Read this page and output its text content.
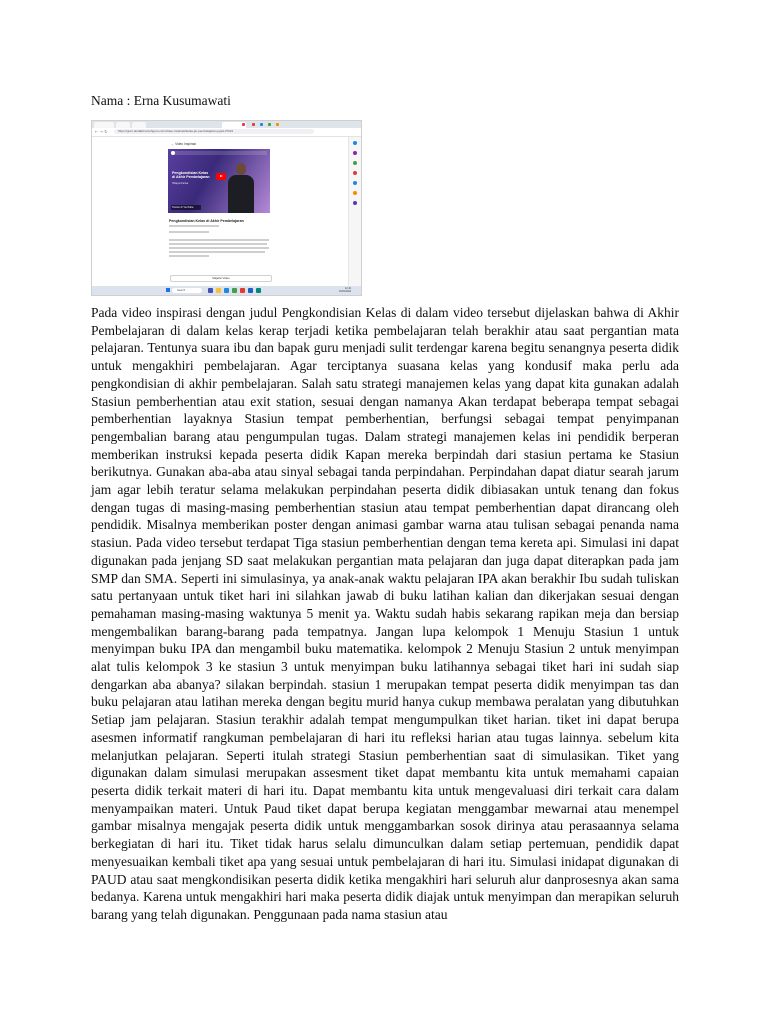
Nama : Erna Kusumawati
← → ↻	https://guru.tantalk/contohguru.com/video-inspirasi/kelas-jar-pembelajaran-pgsd-47021
← Video Inspirasi
Pengkondisian Kelas di Akhir Pembelajaran
Hidayat Farisa
Tonton di YouTube
Pengkondisian Kelas di Akhir Pembelajaran
Majelisi Video
Search
12.10
01/01/2024

Pada video inspirasi dengan judul Pengkondisian Kelas di dalam video tersebut dijelaskan bahwa di Akhir Pembelajaran di dalam kelas kerap terjadi ketika pembelajaran telah berakhir atau saat pergantian mata pelajaran. Tentunya suara ibu dan bapak guru menjadi sulit terdengar karena begitu senangnya peserta didik untuk mengakhiri pembelajaran. Agar terciptanya suasana kelas yang kondusif maka perlu ada pengkondisian di akhir pembelajaran. Salah satu strategi manajemen kelas yang dapat kita gunakan adalah Stasiun pemberhentian atau exit station, sesuai dengan namanya Akan terdapat beberapa tempat sebagai pemberhentian layaknya Stasiun tempat pemberhentian, berfungsi sebagai tempat penyimpanan pengembalian barang atau pengumpulan tugas. Dalam strategi manajemen kelas ini pendidik berperan memberikan instruksi kepada peserta didik Kapan mereka berpindah dari stasiun pertama ke Stasiun berikutnya. Gunakan aba-aba atau sinyal sebagai tanda perpindahan. Perpindahan dapat diatur searah jarum jam agar lebih teratur selama melakukan perpindahan peserta didik dibiasakan untuk tenang dan fokus dengan tugas di masing-masing pemberhentian stasiun atau tempat pemberhentian dapat dirancang oleh pendidik. Misalnya memberikan poster dengan animasi gambar warna atau tulisan sebagai penanda nama stasiun. Pada video tersebut terdapat Tiga stasiun pemberhentian dengan tema kereta api. Simulasi ini dapat digunakan pada jenjang SD saat melakukan pergantian mata pelajaran dan juga dapat diterapkan pada jam SMP dan SMA. Seperti ini simulasinya, ya anak-anak waktu pelajaran IPA akan berakhir Ibu sudah tuliskan satu pertanyaan untuk tiket hari ini silahkan jawab di buku latihan kalian dan dikerjakan sesuai dengan pemahaman masing-masing waktunya 5 menit ya. Waktu sudah habis sekarang rapikan meja dan bersiap mengembalikan barang-barang pada tempatnya. Jangan lupa kelompok 1 Menuju Stasiun 1 untuk menyimpan buku IPA dan mengambil buku matematika. kelompok 2 Menuju Stasiun 2 untuk menyimpan alat tulis kelompok 3 ke stasiun 3 untuk menyimpan buku latihannya sebagai tiket hari ini sudah siap dengarkan aba abanya? silakan berpindah. stasiun 1 merupakan tempat peserta didik menyimpan tas dan buku pelajaran atau latihan mereka dengan begitu murid hanya cukup membawa peralatan yang dibutuhkan Setiap jam pelajaran. Stasiun terakhir adalah tempat mengumpulkan tiket harian. tiket ini dapat berupa asesmen informatif rangkuman pembelajaran di hari itu refleksi harian atau tugas lainnya. sebelum kita melanjutkan pelajaran. Seperti itulah strategi Stasiun pemberhentian saat di simulasikan. Tiket yang digunakan dalam simulasi merupakan assesment tiket dapat membantu kita untuk memahami capaian peserta didik terkait materi di hari itu. Dapat membantu kita untuk mengevaluasi diri terkait cara dalam menyampaikan materi. Untuk Paud tiket dapat berupa kegiatan menggambar mewarnai atau menempel gambar misalnya mengajak peserta didik untuk menggambarkan sosok dirinya atau perasaannya selama berkegiatan di hari itu. Tiket tidak harus selalu dimunculkan dalam setiap pertemuan, pendidik dapat menyesuaikan kembali tiket apa yang sesuai untuk pembelajaran di hari itu. Simulasi inidapat digunakan di PAUD atau saat mengkondisikan peserta didik ketika mengakhiri hari seluruh alur danprosesnya akan sama bedanya. Karena untuk mengakhiri hari maka peserta didik diajak untuk menyimpan dan merapikan seluruh barang yang telah digunakan. Penggunaan pada nama stasiun atau
